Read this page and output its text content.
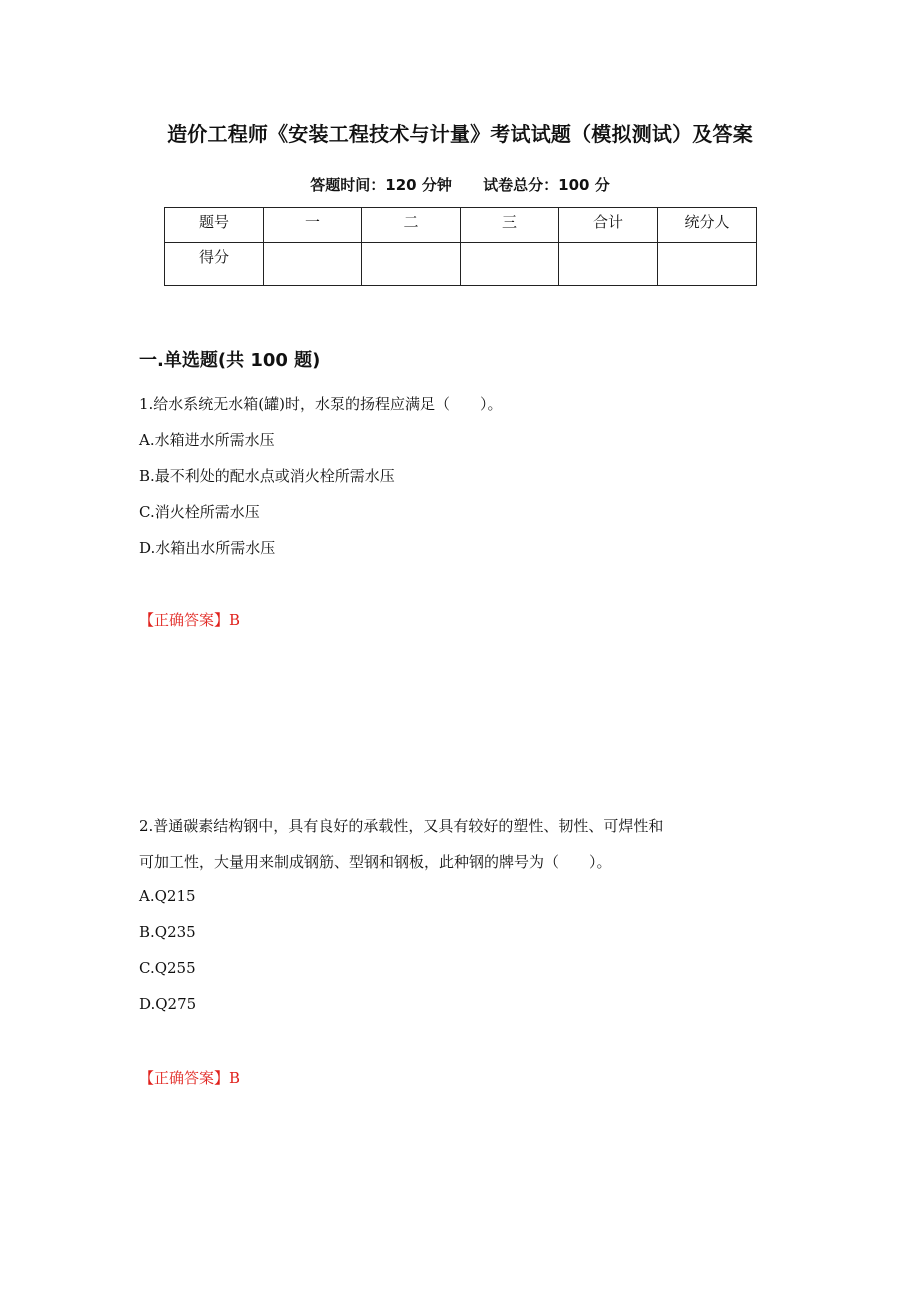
造价工程师《安装工程技术与计量》考试试题（模拟测试）及答案
答题时间：120 分钟 试卷总分：100 分
题号	一	二	三	合计	统分人
得分					
一.单选题(共 100 题)

1.给水系统无水箱(罐)时，水泵的扬程应满足（　　）。

A.水箱进水所需水压

B.最不利处的配水点或消火栓所需水压

C.消火栓所需水压

D.水箱出水所需水压

【正确答案】B

2.普通碳素结构钢中，具有良好的承载性，又具有较好的塑性、韧性、可焊性和

可加工性，大量用来制成钢筋、型钢和钢板，此种钢的牌号为（　　）。

A.Q215

B.Q235

C.Q255

D.Q275

【正确答案】B
